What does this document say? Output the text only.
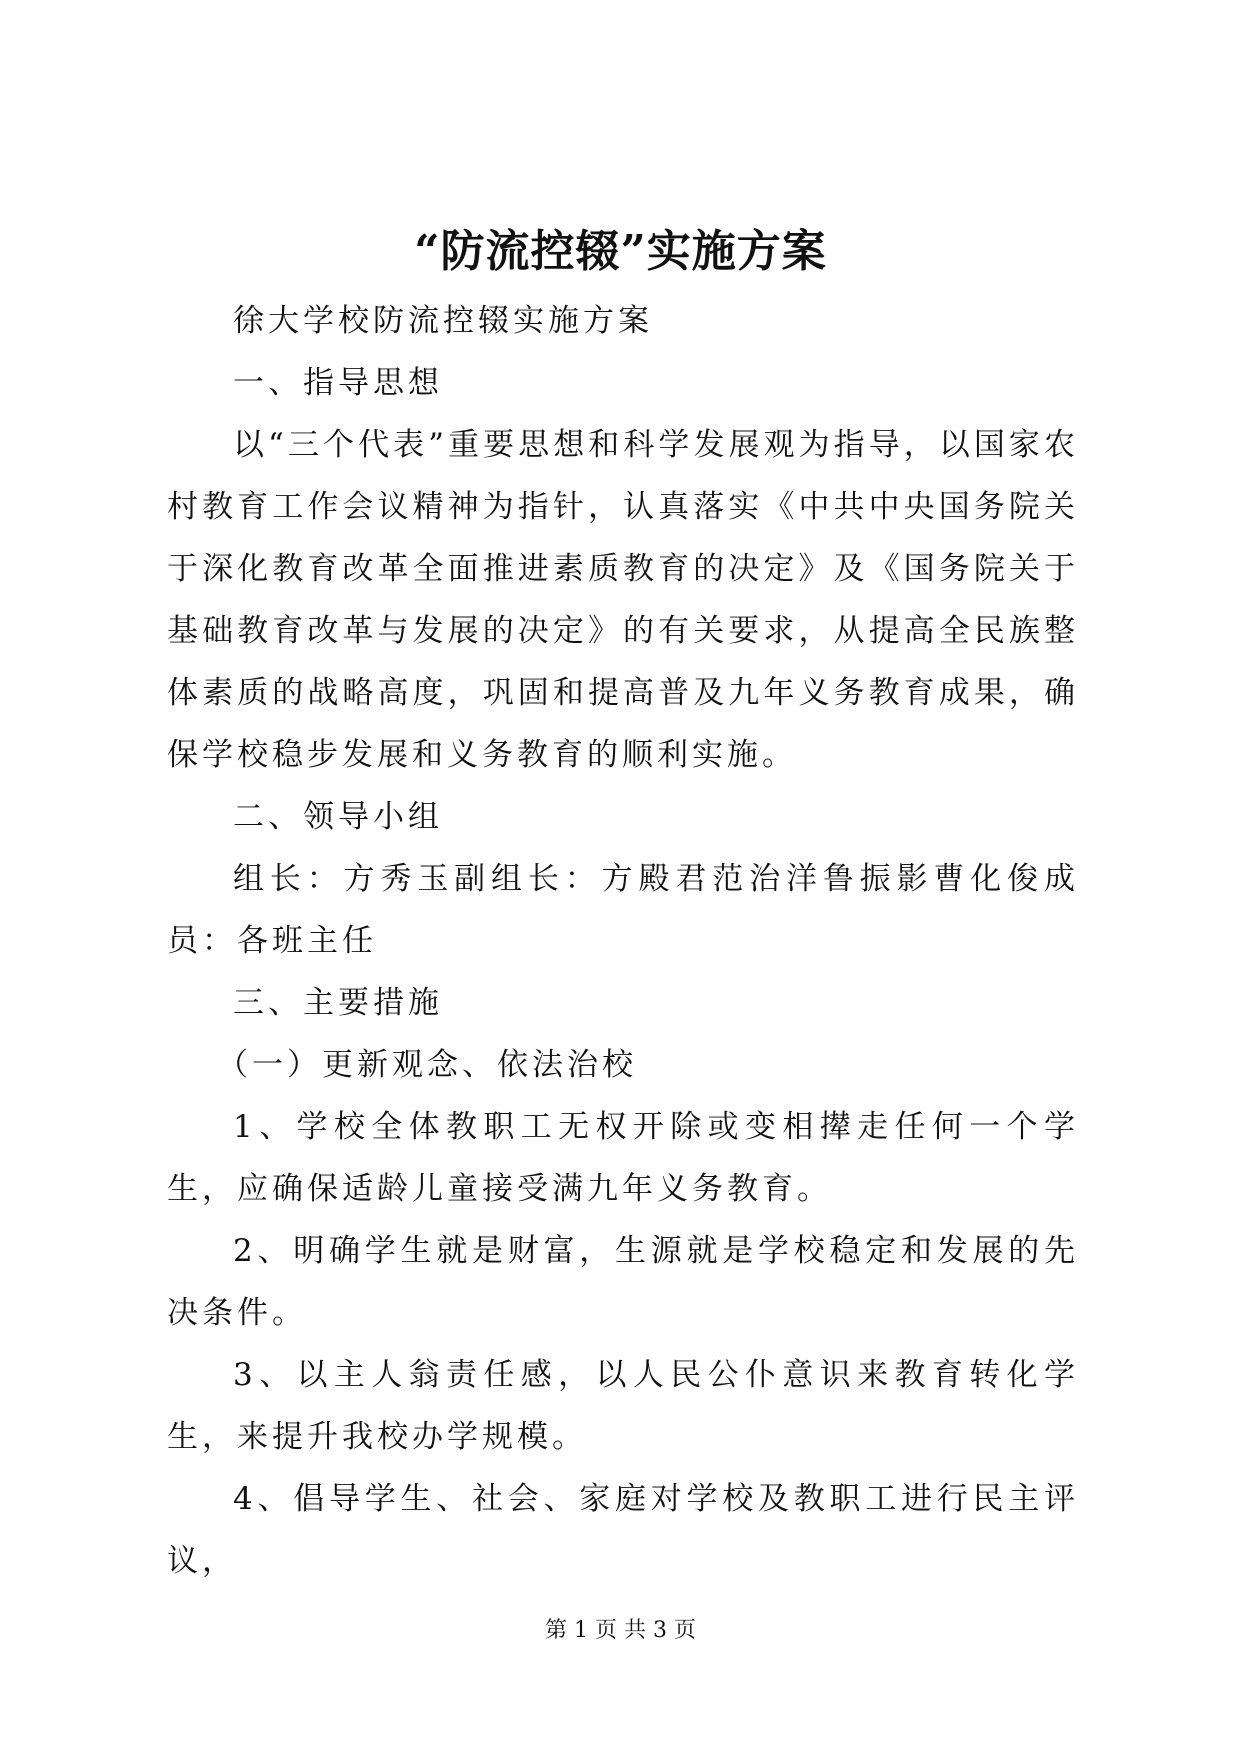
“防流控辍”实施方案

徐大学校防流控辍实施方案

一、指导思想

以“三个代表”重要思想和科学发展观为指导，以国家农村教育工作会议精神为指针，认真落实《中共中央国务院关于深化教育改革全面推进素质教育的决定》及《国务院关于基础教育改革与发展的决定》的有关要求，从提高全民族整体素质的战略高度，巩固和提高普及九年义务教育成果，确保学校稳步发展和义务教育的顺利实施。

二、领导小组

组长：方秀玉副组长：方殿君范治洋鲁振影曹化俊成员：各班主任

三、主要措施

（一）更新观念、依法治校

1、学校全体教职工无权开除或变相撵走任何一个学生，应确保适龄儿童接受满九年义务教育。

2、明确学生就是财富，生源就是学校稳定和发展的先决条件。

3、以主人翁责任感，以人民公仆意识来教育转化学生，来提升我校办学规模。

4、倡导学生、社会、家庭对学校及教职工进行民主评议，

第 1 页 共 3 页
